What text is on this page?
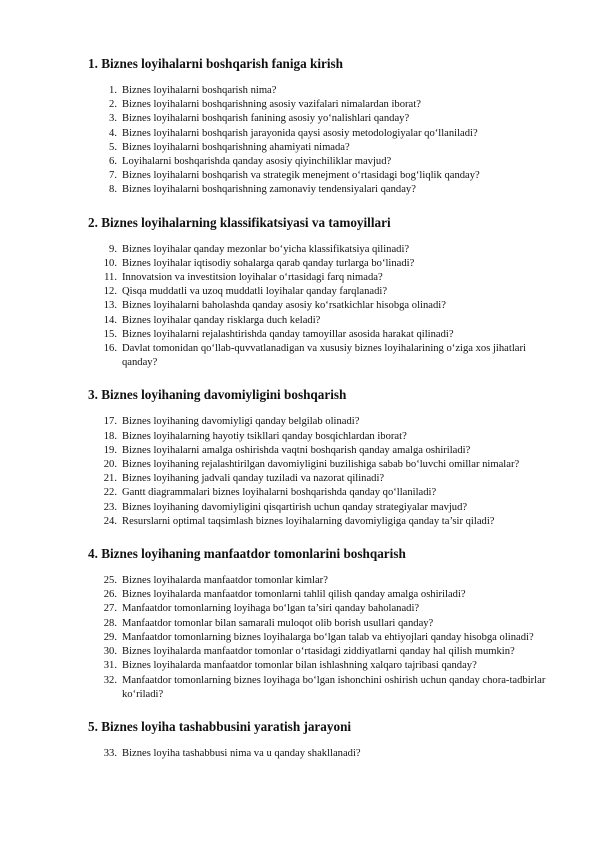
1. Biznes loyihalarni boshqarish faniga kirish
1. Biznes loyihalarni boshqarish nima?
2. Biznes loyihalarni boshqarishning asosiy vazifalari nimalardan iborat?
3. Biznes loyihalarni boshqarish fanining asosiy yo‘nalishlari qanday?
4. Biznes loyihalarni boshqarish jarayonida qaysi asosiy metodologiyalar qo‘llaniladi?
5. Biznes loyihalarni boshqarishning ahamiyati nimada?
6. Loyihalarni boshqarishda qanday asosiy qiyinchiliklar mavjud?
7. Biznes loyihalarni boshqarish va strategik menejment o‘rtasidagi bog‘liqlik qanday?
8. Biznes loyihalarni boshqarishning zamonaviy tendensiyalari qanday?
2. Biznes loyihalarning klassifikatsiyasi va tamoyillari
9. Biznes loyihalar qanday mezonlar bo‘yicha klassifikatsiya qilinadi?
10. Biznes loyihalar iqtisodiy sohalarga qarab qanday turlarga bo‘linadi?
11. Innovatsion va investitsion loyihalar o‘rtasidagi farq nimada?
12. Qisqa muddatli va uzoq muddatli loyihalar qanday farqlanadi?
13. Biznes loyihalarni baholashda qanday asosiy ko‘rsatkichlar hisobga olinadi?
14. Biznes loyihalar qanday risklarga duch keladi?
15. Biznes loyihalarni rejalashtirishda qanday tamoyillar asosida harakat qilinadi?
16. Davlat tomonidan qo‘llab-quvvatlanadigan va xususiy biznes loyihalarining o‘ziga xos jihatlari qanday?
3. Biznes loyihaning davomiyligini boshqarish
17. Biznes loyihaning davomiyligi qanday belgilab olinadi?
18. Biznes loyihalarning hayotiy tsikllari qanday bosqichlardan iborat?
19. Biznes loyihalarni amalga oshirishda vaqtni boshqarish qanday amalga oshiriladi?
20. Biznes loyihaning rejalashtirilgan davomiyligini buzilishiga sabab bo‘luvchi omillar nimalar?
21. Biznes loyihaning jadvali qanday tuziladi va nazorat qilinadi?
22. Gantt diagrammalari biznes loyihalarni boshqarishda qanday qo‘llaniladi?
23. Biznes loyihaning davomiyligini qisqartirish uchun qanday strategiyalar mavjud?
24. Resurslarni optimal taqsimlash biznes loyihalarning davomiyligiga qanday ta’sir qiladi?
4. Biznes loyihaning manfaatdor tomonlarini boshqarish
25. Biznes loyihalarda manfaatdor tomonlar kimlar?
26. Biznes loyihalarda manfaatdor tomonlarni tahlil qilish qanday amalga oshiriladi?
27. Manfaatdor tomonlarning loyihaga bo‘lgan ta’siri qanday baholanadi?
28. Manfaatdor tomonlar bilan samarali muloqot olib borish usullari qanday?
29. Manfaatdor tomonlarning biznes loyihalarga bo‘lgan talab va ehtiyojlari qanday hisobga olinadi?
30. Biznes loyihalarda manfaatdor tomonlar o‘rtasidagi ziddiyatlarni qanday hal qilish mumkin?
31. Biznes loyihalarda manfaatdor tomonlar bilan ishlashning xalqaro tajribasi qanday?
32. Manfaatdor tomonlarning biznes loyihaga bo‘lgan ishonchini oshirish uchun qanday chora-tadbirlar ko‘riladi?
5. Biznes loyiha tashabbusini yaratish jarayoni
33. Biznes loyiha tashabbusi nima va u qanday shakllanadi?
